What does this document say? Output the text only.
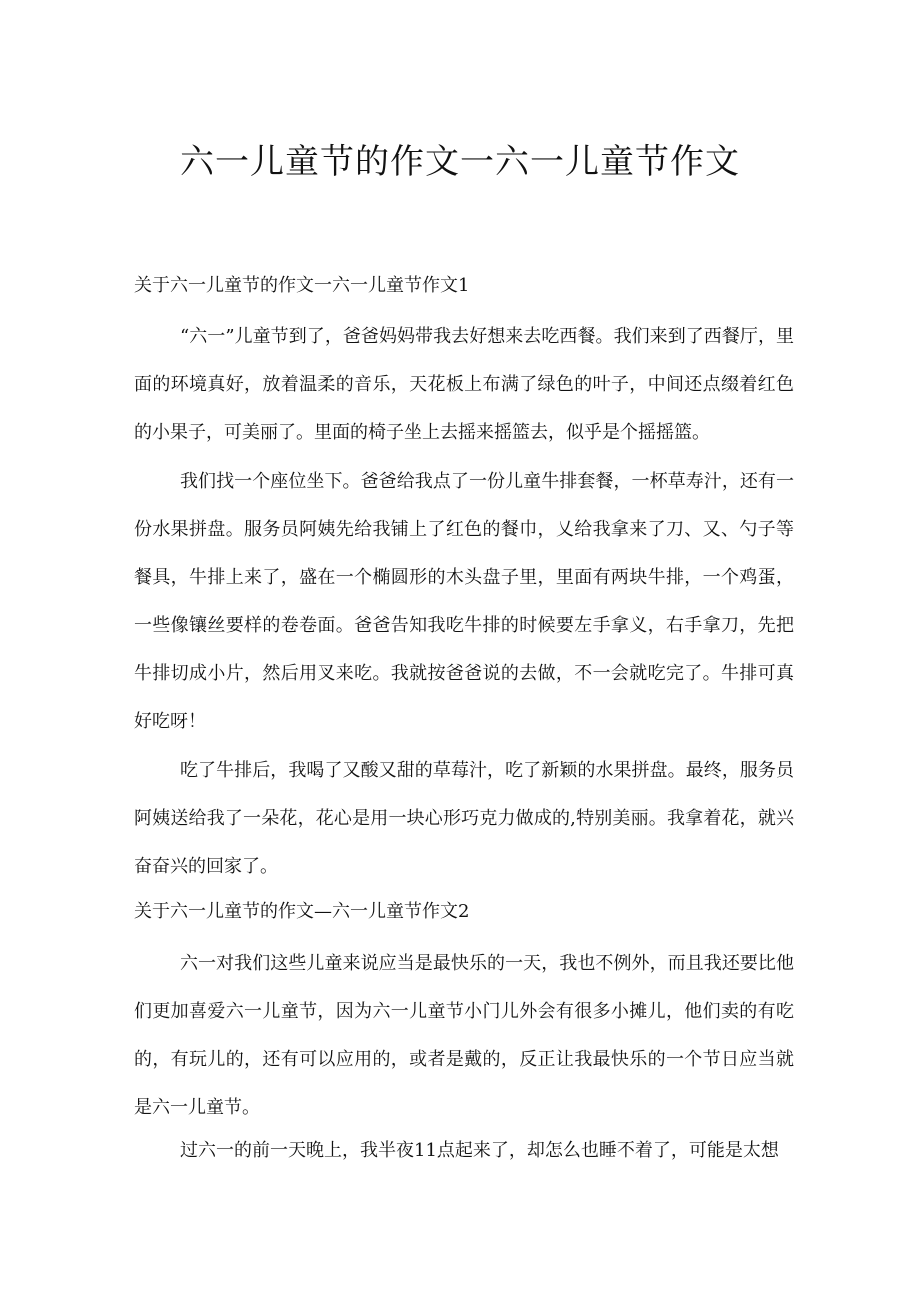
六一儿童节的作文一六一儿童节作文
关于六一儿童节的作文一六一儿童节作文1

“六一”儿童节到了，爸爸妈妈带我去好想来去吃西餐。我们来到了西餐厅，里面的环境真好，放着温柔的音乐，天花板上布满了绿色的叶子，中间还点缀着红色的小果子，可美丽了。里面的椅子坐上去摇来摇篮去，似乎是个摇摇篮。

我们找一个座位坐下。爸爸给我点了一份儿童牛排套餐，一杯草寿汁，还有一份水果拼盘。服务员阿姨先给我铺上了红色的餐巾，乂给我拿来了刀、又、勺子等餐具，牛排上来了，盛在一个椭圆形的木头盘子里，里面有两块牛排，一个鸡蛋，一些像镶丝要样的卷卷面。爸爸告知我吃牛排的时候要左手拿义，右手拿刀，先把牛排切成小片，然后用叉来吃。我就按爸爸说的去做，不一会就吃完了。牛排可真好吃呀！

吃了牛排后，我喝了又酸又甜的草莓汁，吃了新颖的水果拼盘。最终，服务员阿姨送给我了一朵花，花心是用一块心形巧克力做成的,特别美丽。我拿着花，就兴奋奋兴的回家了。

关于六一儿童节的作文—六一儿童节作文2

六一对我们这些儿童来说应当是最快乐的一天，我也不例外，而且我还要比他们更加喜爱六一儿童节，因为六一儿童节小门儿外会有很多小摊儿，他们卖的有吃的，有玩儿的，还有可以应用的，或者是戴的，反正让我最快乐的一个节日应当就是六一儿童节。

过六一的前一天晚上，我半夜11点起来了，却怎么也睡不着了，可能是太想
